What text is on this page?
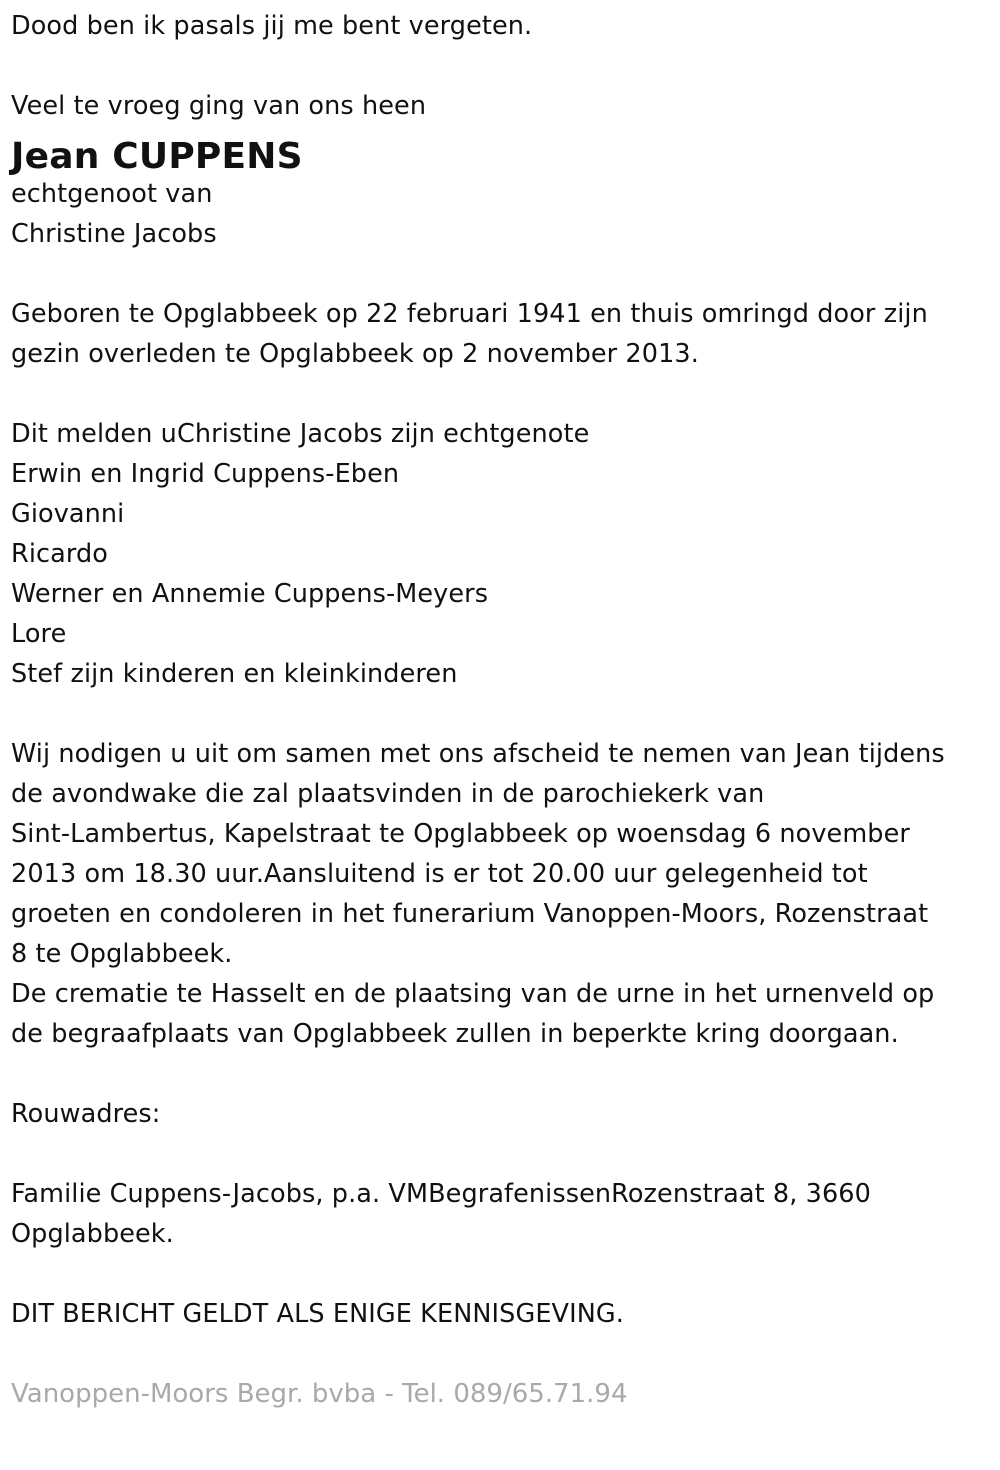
Dood ben ik pasals jij me bent vergeten.
Veel te vroeg ging van ons heen
Jean CUPPENS
echtgenoot van
Christine Jacobs
Geboren te Opglabbeek op 22 februari 1941 en thuis omringd door zijn
gezin overleden te Opglabbeek op 2 november 2013.
Dit melden uChristine Jacobs zijn echtgenote
Erwin en Ingrid Cuppens-Eben
Giovanni
Ricardo
Werner en Annemie Cuppens-Meyers
Lore
Stef zijn kinderen en kleinkinderen
Wij nodigen u uit om samen met ons afscheid te nemen van Jean tijdens
de avondwake die zal plaatsvinden in de parochiekerk van
Sint-Lambertus, Kapelstraat te Opglabbeek op woensdag 6 november
2013 om 18.30 uur.Aansluitend is er tot 20.00 uur gelegenheid tot
groeten en condoleren in het funerarium Vanoppen-Moors, Rozenstraat
8 te Opglabbeek.
De crematie te Hasselt en de plaatsing van de urne in het urnenveld op
de begraafplaats van Opglabbeek zullen in beperkte kring doorgaan.
Rouwadres:
Familie Cuppens-Jacobs, p.a. VMBegrafenissenRozenstraat 8, 3660
Opglabbeek.
DIT BERICHT GELDT ALS ENIGE KENNISGEVING.
Vanoppen-Moors Begr. bvba - Tel. 089/65.71.94
